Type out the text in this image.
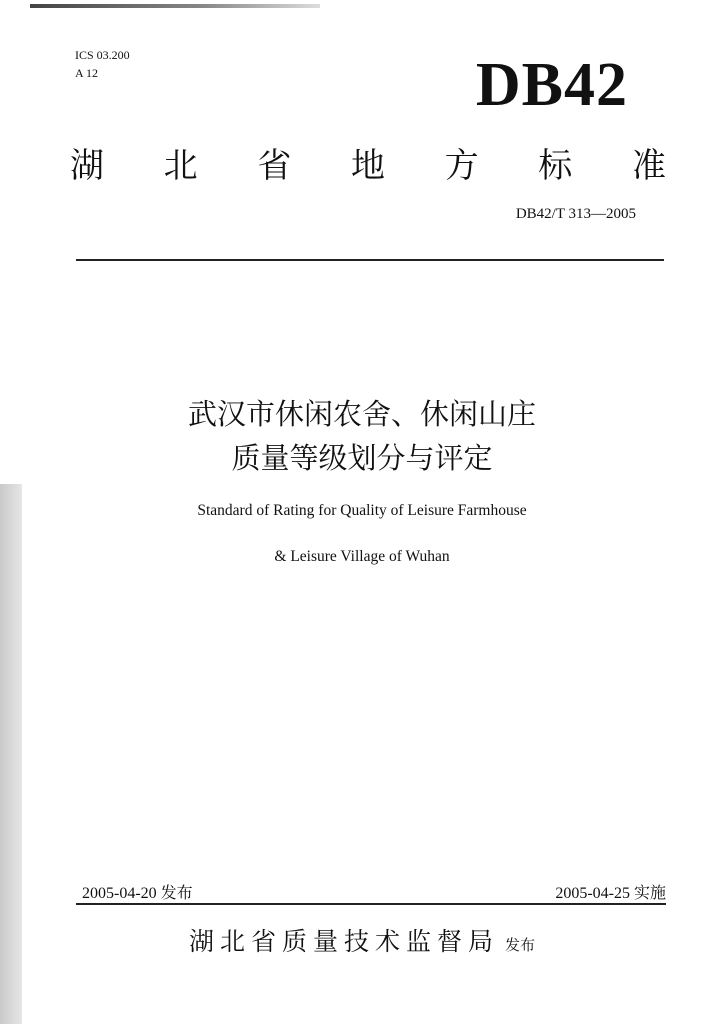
ICS 03.200
A 12	DB42
湖 北 省 地 方 标 准
DB42/T 313—2005
武汉市休闲农舍、休闲山庄
质量等级划分与评定
Standard of Rating for Quality of Leisure Farmhouse
& Leisure Village of Wuhan
2005-04-20 发布	2005-04-25 实施
湖北省质量技术监督局 发布
